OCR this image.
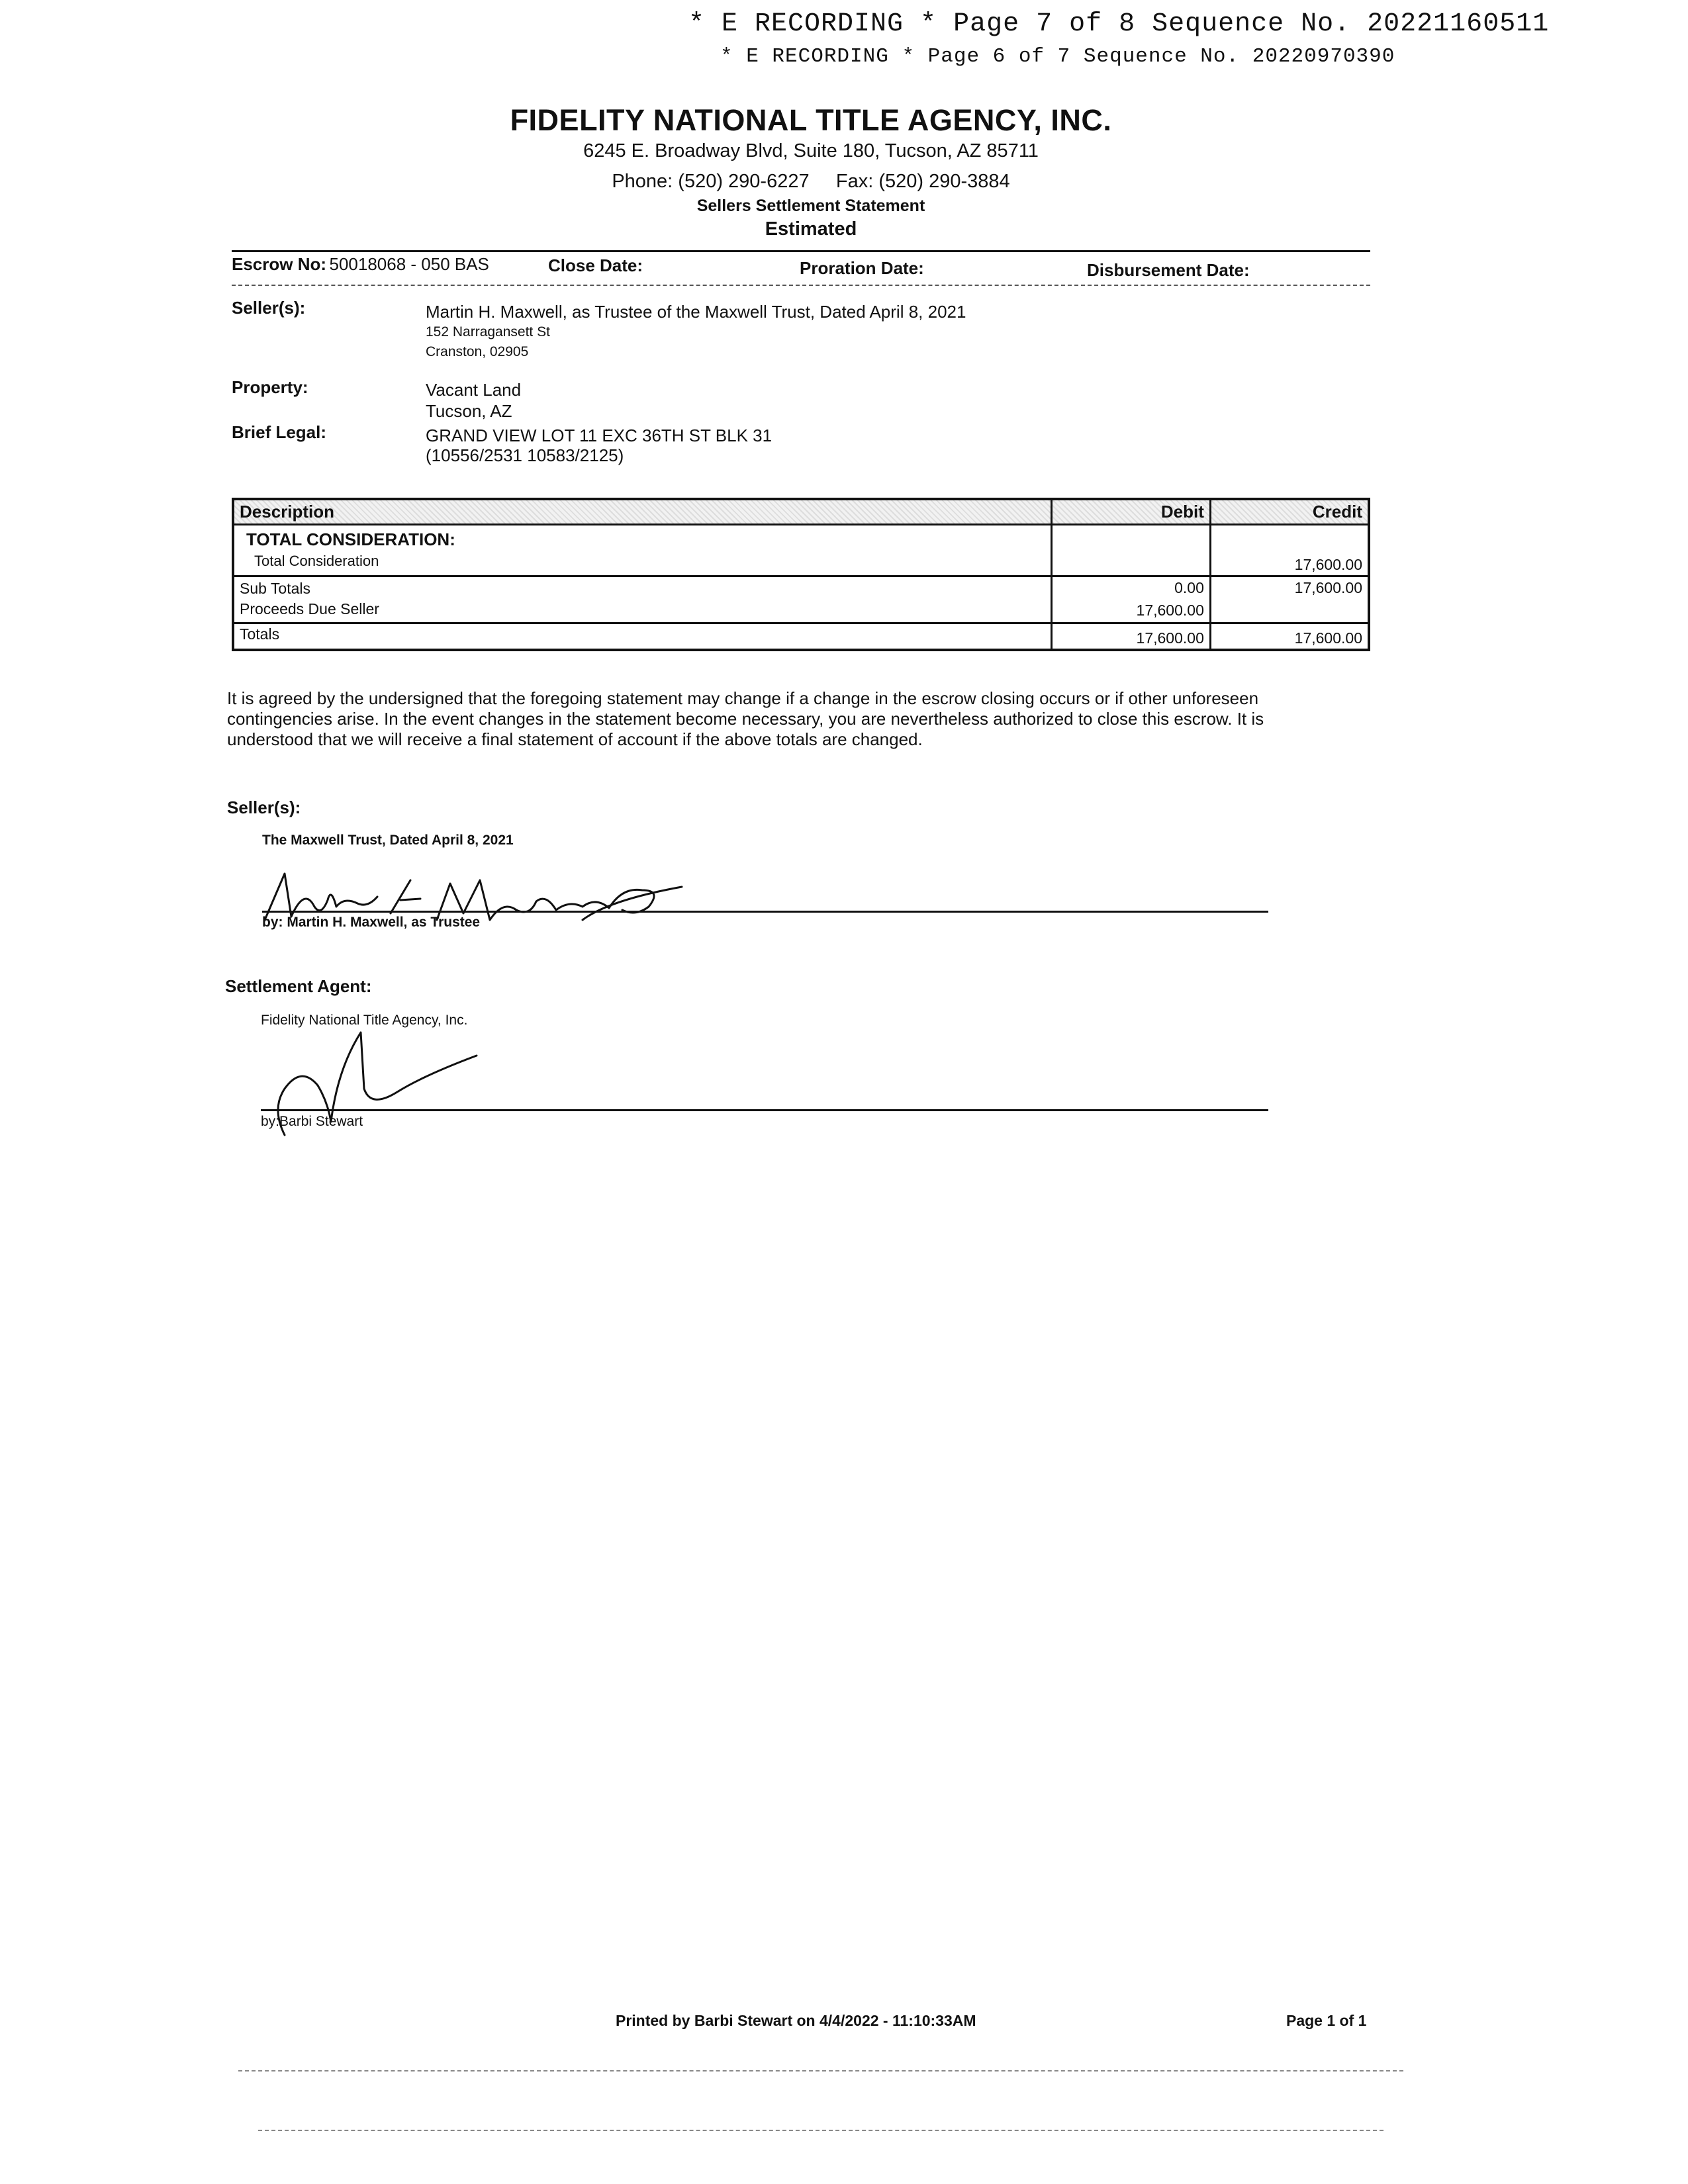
* E RECORDING * Page 7 of 8 Sequence No. 20221160511
* E RECORDING * Page 6 of 7 Sequence No. 20220970390
FIDELITY NATIONAL TITLE AGENCY, INC.
6245 E. Broadway Blvd, Suite 180, Tucson, AZ 85711
Phone: (520) 290-6227 Fax: (520) 290-3884
Sellers Settlement Statement
Estimated
Escrow No: 50018068 - 050 BAS	Close Date:	Proration Date:	Disbursement Date:
Seller(s):	Martin H. Maxwell, as Trustee of the Maxwell Trust, Dated April 8, 2021
152 Narragansett St
Cranston, 02905
Property:	Vacant Land
Tucson, AZ
Brief Legal:	GRAND VIEW LOT 11 EXC 36TH ST BLK 31
(10556/2531 10583/2125)
Description	Debit	Credit
TOTAL CONSIDERATION:		
Total Consideration		17,600.00
Sub Totals	0.00	17,600.00
Proceeds Due Seller	17,600.00	
Totals	17,600.00	17,600.00
It is agreed by the undersigned that the foregoing statement may change if a change in the escrow closing occurs or if other unforeseen contingencies arise. In the event changes in the statement become necessary, you are nevertheless authorized to close this escrow. It is understood that we will receive a final statement of account if the above totals are changed.
Seller(s):
The Maxwell Trust, Dated April 8, 2021
by: Martin H. Maxwell, as Trustee
Settlement Agent:
Fidelity National Title Agency, Inc.
by:Barbi Stewart
Printed by Barbi Stewart on 4/4/2022 - 11:10:33AM	Page 1 of 1
